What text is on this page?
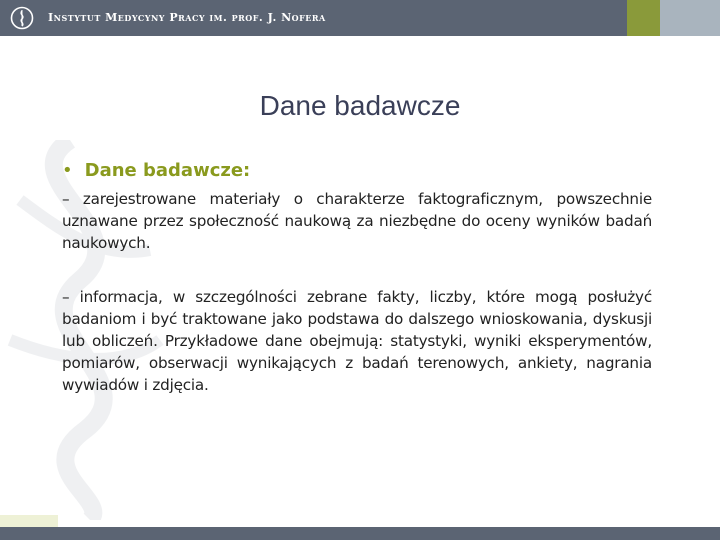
Instytut Medycyny Pracy im. prof. J. Nofera
Dane badawcze
• Dane badawcze:
– zarejestrowane materiały o charakterze faktograficznym, powszechnie uznawane przez społeczność naukową za niezbędne do oceny wyników badań naukowych.
– informacja, w szczególności zebrane fakty, liczby, które mogą posłużyć badaniom i być traktowane jako podstawa do dalszego wnioskowania, dyskusji lub obliczeń. Przykładowe dane obejmują: statystyki, wyniki eksperymentów, pomiarów, obserwacji wynikających z badań terenowych, ankiety, nagrania wywiadów i zdjęcia.
